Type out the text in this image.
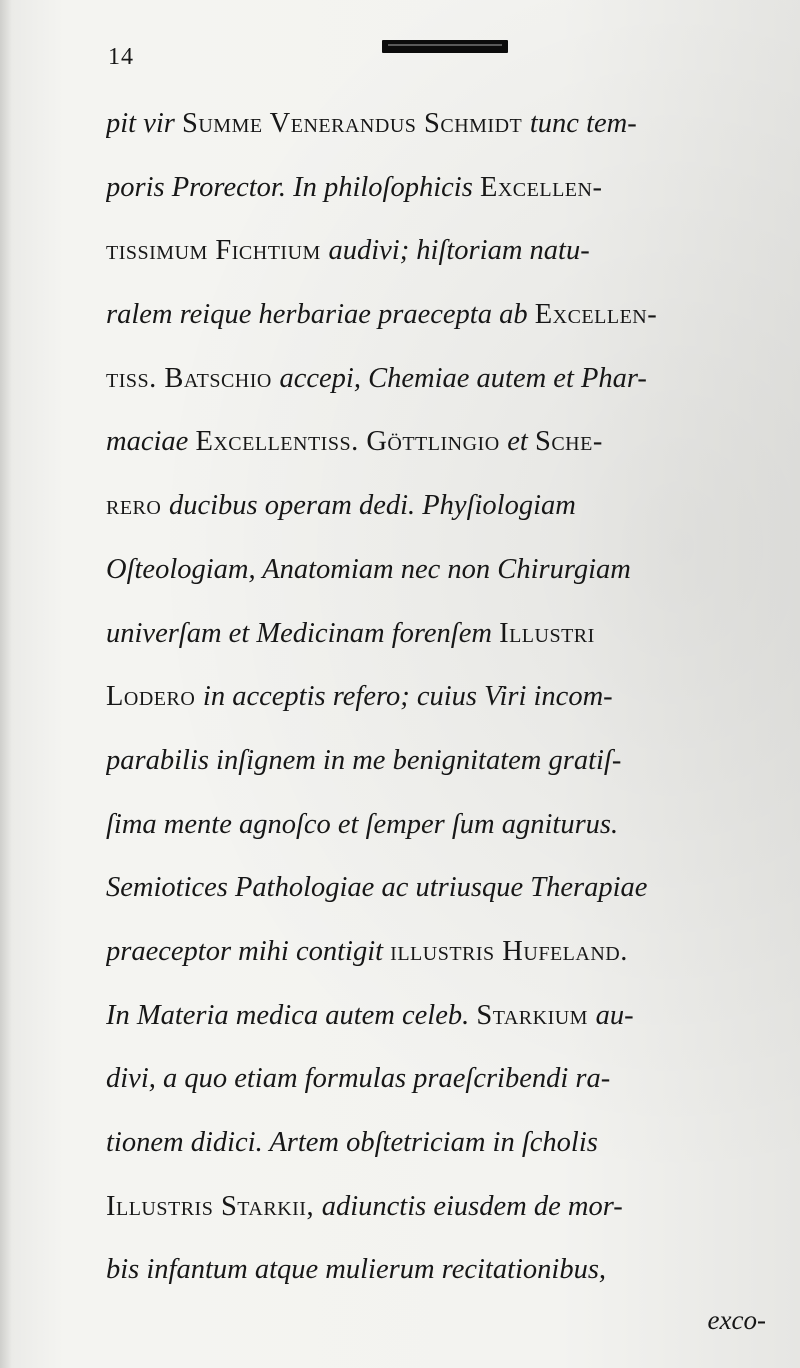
14
pit vir Summe Venerandus Schmidt tunc tem-
poris Prorector. In philoſophicis Excellen-
tissimum Fichtium audivi; hiſtoriam natu-
ralem reique herbariae praecepta ab Excellen-
tiss. Batschio accepi, Chemiae autem et Phar-
maciae Excellentiss. Göttlingio et Sche-
rero ducibus operam dedi. Phyſiologiam
Oſteologiam, Anatomiam nec non Chirurgiam
univerſam et Medicinam forenſem Illustri
Lodero in acceptis refero; cuius Viri incom-
parabilis inſignem in me benignitatem gratiſ-
ſima mente agnoſco et ſemper ſum agniturus.
Semiotices Pathologiae ac utriusque Therapiae
praeceptor mihi contigit illustris Hufeland.
In Materia medica autem celeb. Starkium au-
divi, a quo etiam formulas praeſcribendi ra-
tionem didici. Artem obſtetriciam in ſcholis
Illustris Starkii, adiunctis eiusdem de mor-
bis infantum atque mulierum recitationibus,
exco-
